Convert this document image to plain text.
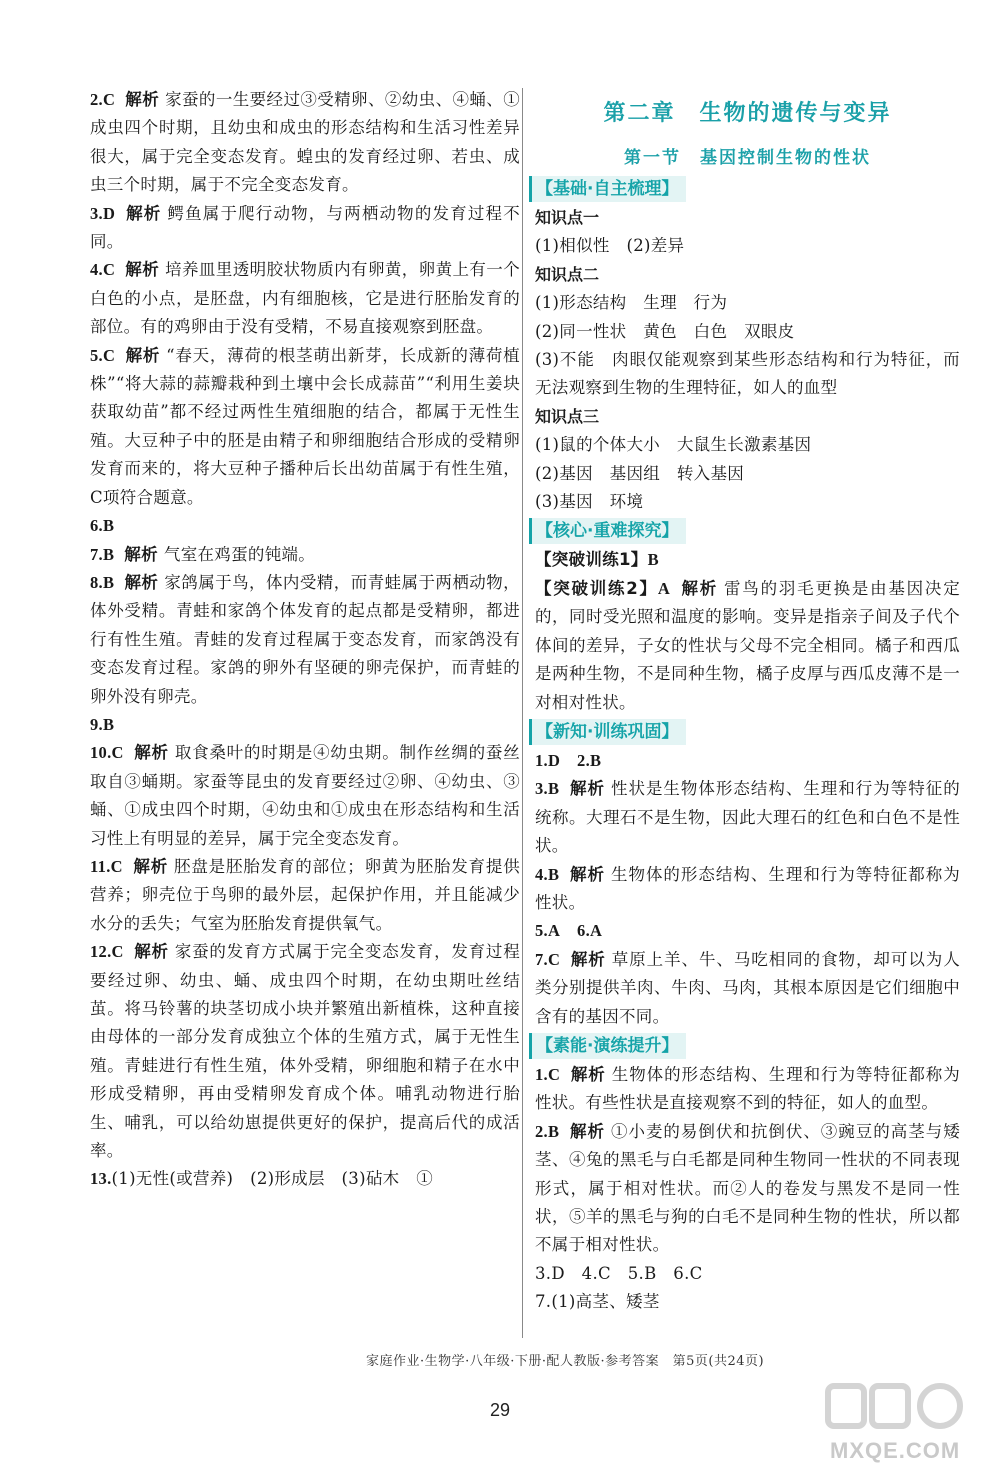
2.C 解析 家蚕的一生要经过③受精卵、②幼虫、④蛹、①成虫四个时期，且幼虫和成虫的形态结构和生活习性差异很大，属于完全变态发育。蝗虫的发育经过卵、若虫、成虫三个时期，属于不完全变态发育。

3.D 解析 鳄鱼属于爬行动物，与两栖动物的发育过程不同。

4.C 解析 培养皿里透明胶状物质内有卵黄，卵黄上有一个白色的小点，是胚盘，内有细胞核，它是进行胚胎发育的部位。有的鸡卵由于没有受精，不易直接观察到胚盘。

5.C 解析 “春天，薄荷的根茎萌出新芽，长成新的薄荷植株”“将大蒜的蒜瓣栽种到土壤中会长成蒜苗”“利用生姜块获取幼苗”都不经过两性生殖细胞的结合，都属于无性生殖。大豆种子中的胚是由精子和卵细胞结合形成的受精卵发育而来的，将大豆种子播种后长出幼苗属于有性生殖，C项符合题意。

6.B

7.B 解析 气室在鸡蛋的钝端。

8.B 解析 家鸽属于鸟，体内受精，而青蛙属于两栖动物，体外受精。青蛙和家鸽个体发育的起点都是受精卵，都进行有性生殖。青蛙的发育过程属于变态发育，而家鸽没有变态发育过程。家鸽的卵外有坚硬的卵壳保护，而青蛙的卵外没有卵壳。

9.B

10.C 解析 取食桑叶的时期是④幼虫期。制作丝绸的蚕丝取自③蛹期。家蚕等昆虫的发育要经过②卵、④幼虫、③蛹、①成虫四个时期，④幼虫和①成虫在形态结构和生活习性上有明显的差异，属于完全变态发育。

11.C 解析 胚盘是胚胎发育的部位；卵黄为胚胎发育提供营养；卵壳位于鸟卵的最外层，起保护作用，并且能减少水分的丢失；气室为胚胎发育提供氧气。

12.C 解析 家蚕的发育方式属于完全变态发育，发育过程要经过卵、幼虫、蛹、成虫四个时期，在幼虫期吐丝结茧。将马铃薯的块茎切成小块并繁殖出新植株，这种直接由母体的一部分发育成独立个体的生殖方式，属于无性生殖。青蛙进行有性生殖，体外受精，卵细胞和精子在水中形成受精卵，再由受精卵发育成个体。哺乳动物进行胎生、哺乳，可以给幼崽提供更好的保护，提高后代的成活率。

13.(1)无性(或营养)　(2)形成层　(3)砧木　①

第二章　生物的遗传与变异
第一节　基因控制生物的性状
【基础·自主梳理】
知识点一

(1)相似性　(2)差异

知识点二

(1)形态结构　生理　行为

(2)同一性状　黄色　白色　双眼皮

(3)不能　肉眼仅能观察到某些形态结构和行为特征，而无法观察到生物的生理特征，如人的血型

知识点三

(1)鼠的个体大小　大鼠生长激素基因

(2)基因　基因组　转入基因

(3)基因　环境

【核心·重难探究】

【突破训练1】B

【突破训练2】A 解析 雷鸟的羽毛更换是由基因决定的，同时受光照和温度的影响。变异是指亲子间及子代个体间的差异，子女的性状与父母不完全相同。橘子和西瓜是两种生物，不是同种生物，橘子皮厚与西瓜皮薄不是一对相对性状。

【新知·训练巩固】

1.D　 2.B

3.B 解析 性状是生物体形态结构、生理和行为等特征的统称。大理石不是生物，因此大理石的红色和白色不是性状。

4.B 解析 生物体的形态结构、生理和行为等特征都称为性状。

5.A　 6.A

7.C 解析 草原上羊、牛、马吃相同的食物，却可以为人类分别提供羊肉、牛肉、马肉，其根本原因是它们细胞中含有的基因不同。

【素能·演练提升】

1.C 解析 生物体的形态结构、生理和行为等特征都称为性状。有些性状是直接观察不到的特征，如人的血型。

2.B 解析 ①小麦的易倒伏和抗倒伏、③豌豆的高茎与矮茎、④兔的黑毛与白毛都是同种生物同一性状的不同表现形式，属于相对性状。而②人的卷发与黑发不是同一性状，⑤羊的黑毛与狗的白毛不是同种生物的性状，所以都不属于相对性状。

3.D　4.C　5.B　6.C

7.(1)高茎、矮茎

家庭作业·生物学·八年级·下册·配人教版·参考答案　第5页(共24页)
29
MXQE.COM
